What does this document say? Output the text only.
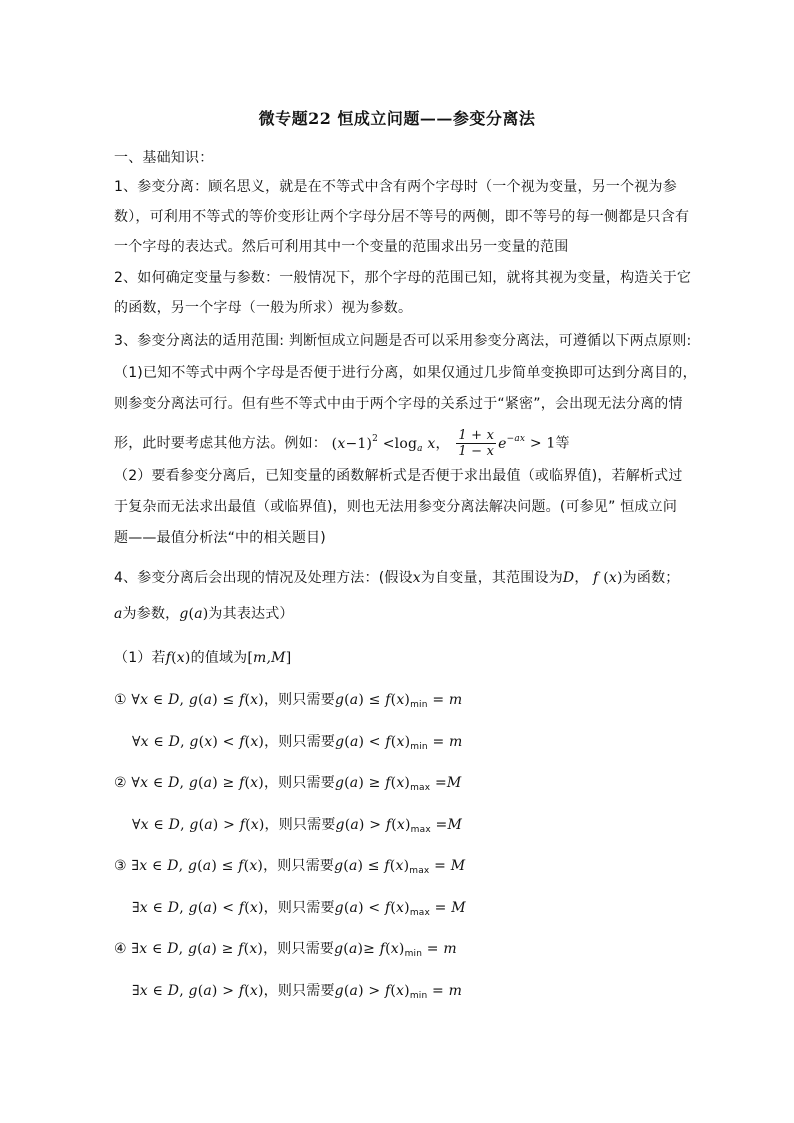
微专题22 恒成立问题——参变分离法
一、基础知识：
1、参变分离：顾名思义，就是在不等式中含有两个字母时（一个视为变量，另一个视为参
数），可利用不等式的等价变形让两个字母分居不等号的两侧，即不等号的每一侧都是只含有
一个字母的表达式。然后可利用其中一个变量的范围求出另一变量的范围
2、如何确定变量与参数：一般情况下，那个字母的范围已知，就将其视为变量，构造关于它
的函数，另一个字母（一般为所求）视为参数。
3、参变分离法的适用范围: 判断恒成立问题是否可以采用参变分离法，可遵循以下两点原则:
（1)已知不等式中两个字母是否便于进行分离，如果仅通过几步简单变换即可达到分离目的，
则参变分离法可行。但有些不等式中由于两个字母的关系过于“紧密”，会出现无法分离的情
形，此时要考虑其他方法。例如： $(x-1)^2 <\log_a$ x， $\frac{1 + x}{1 - x} e^{-ax} > 1$等
（2）要看参变分离后，已知变量的函数解析式是否便于求出最值（或临界值)，若解析式过
于复杂而无法求出最值（或临界值)，则也无法用参变分离法解决问题。(可参见” 恒成立问
题——最值分析法“中的相关题目)
4、参变分离后会出现的情况及处理方法：(假设x为自变量，其范围设为D， f (x)为函数；
a为参数，g(a)为其表达式）
（1）若f(x)的值域为[m,M]
① ∀x ∈ D, g(a) ≤ f(x)，则只需要$g(a) \le f(x)_{min} = m$
∀x ∈ D, g(x) < f(x)，则只需要$g(a) < f(x)_{min} = m$
② ∀x ∈ D, g(a) ≥ f(x)，则只需要$g(a) \ge f(x)_{max} =M$
∀x ∈ D, g(a) > f(x)，则只需要$g(a) > f(x)_{max} =M$
③ ∃x ∈ D, g(a) ≤ f(x)，则只需要$g(a) \le f(x)_{max} = M$
∃x ∈ D, g(a) < f(x)，则只需要$g(a) < f(x)_{max} = M$
④ ∃x ∈ D, g(a) ≥ f(x)，则只需要$g(a)\ge f(x)_{min} = m$
∃x ∈ D, g(a) > f(x)，则只需要$g(a) > f(x)_{min} = m$
